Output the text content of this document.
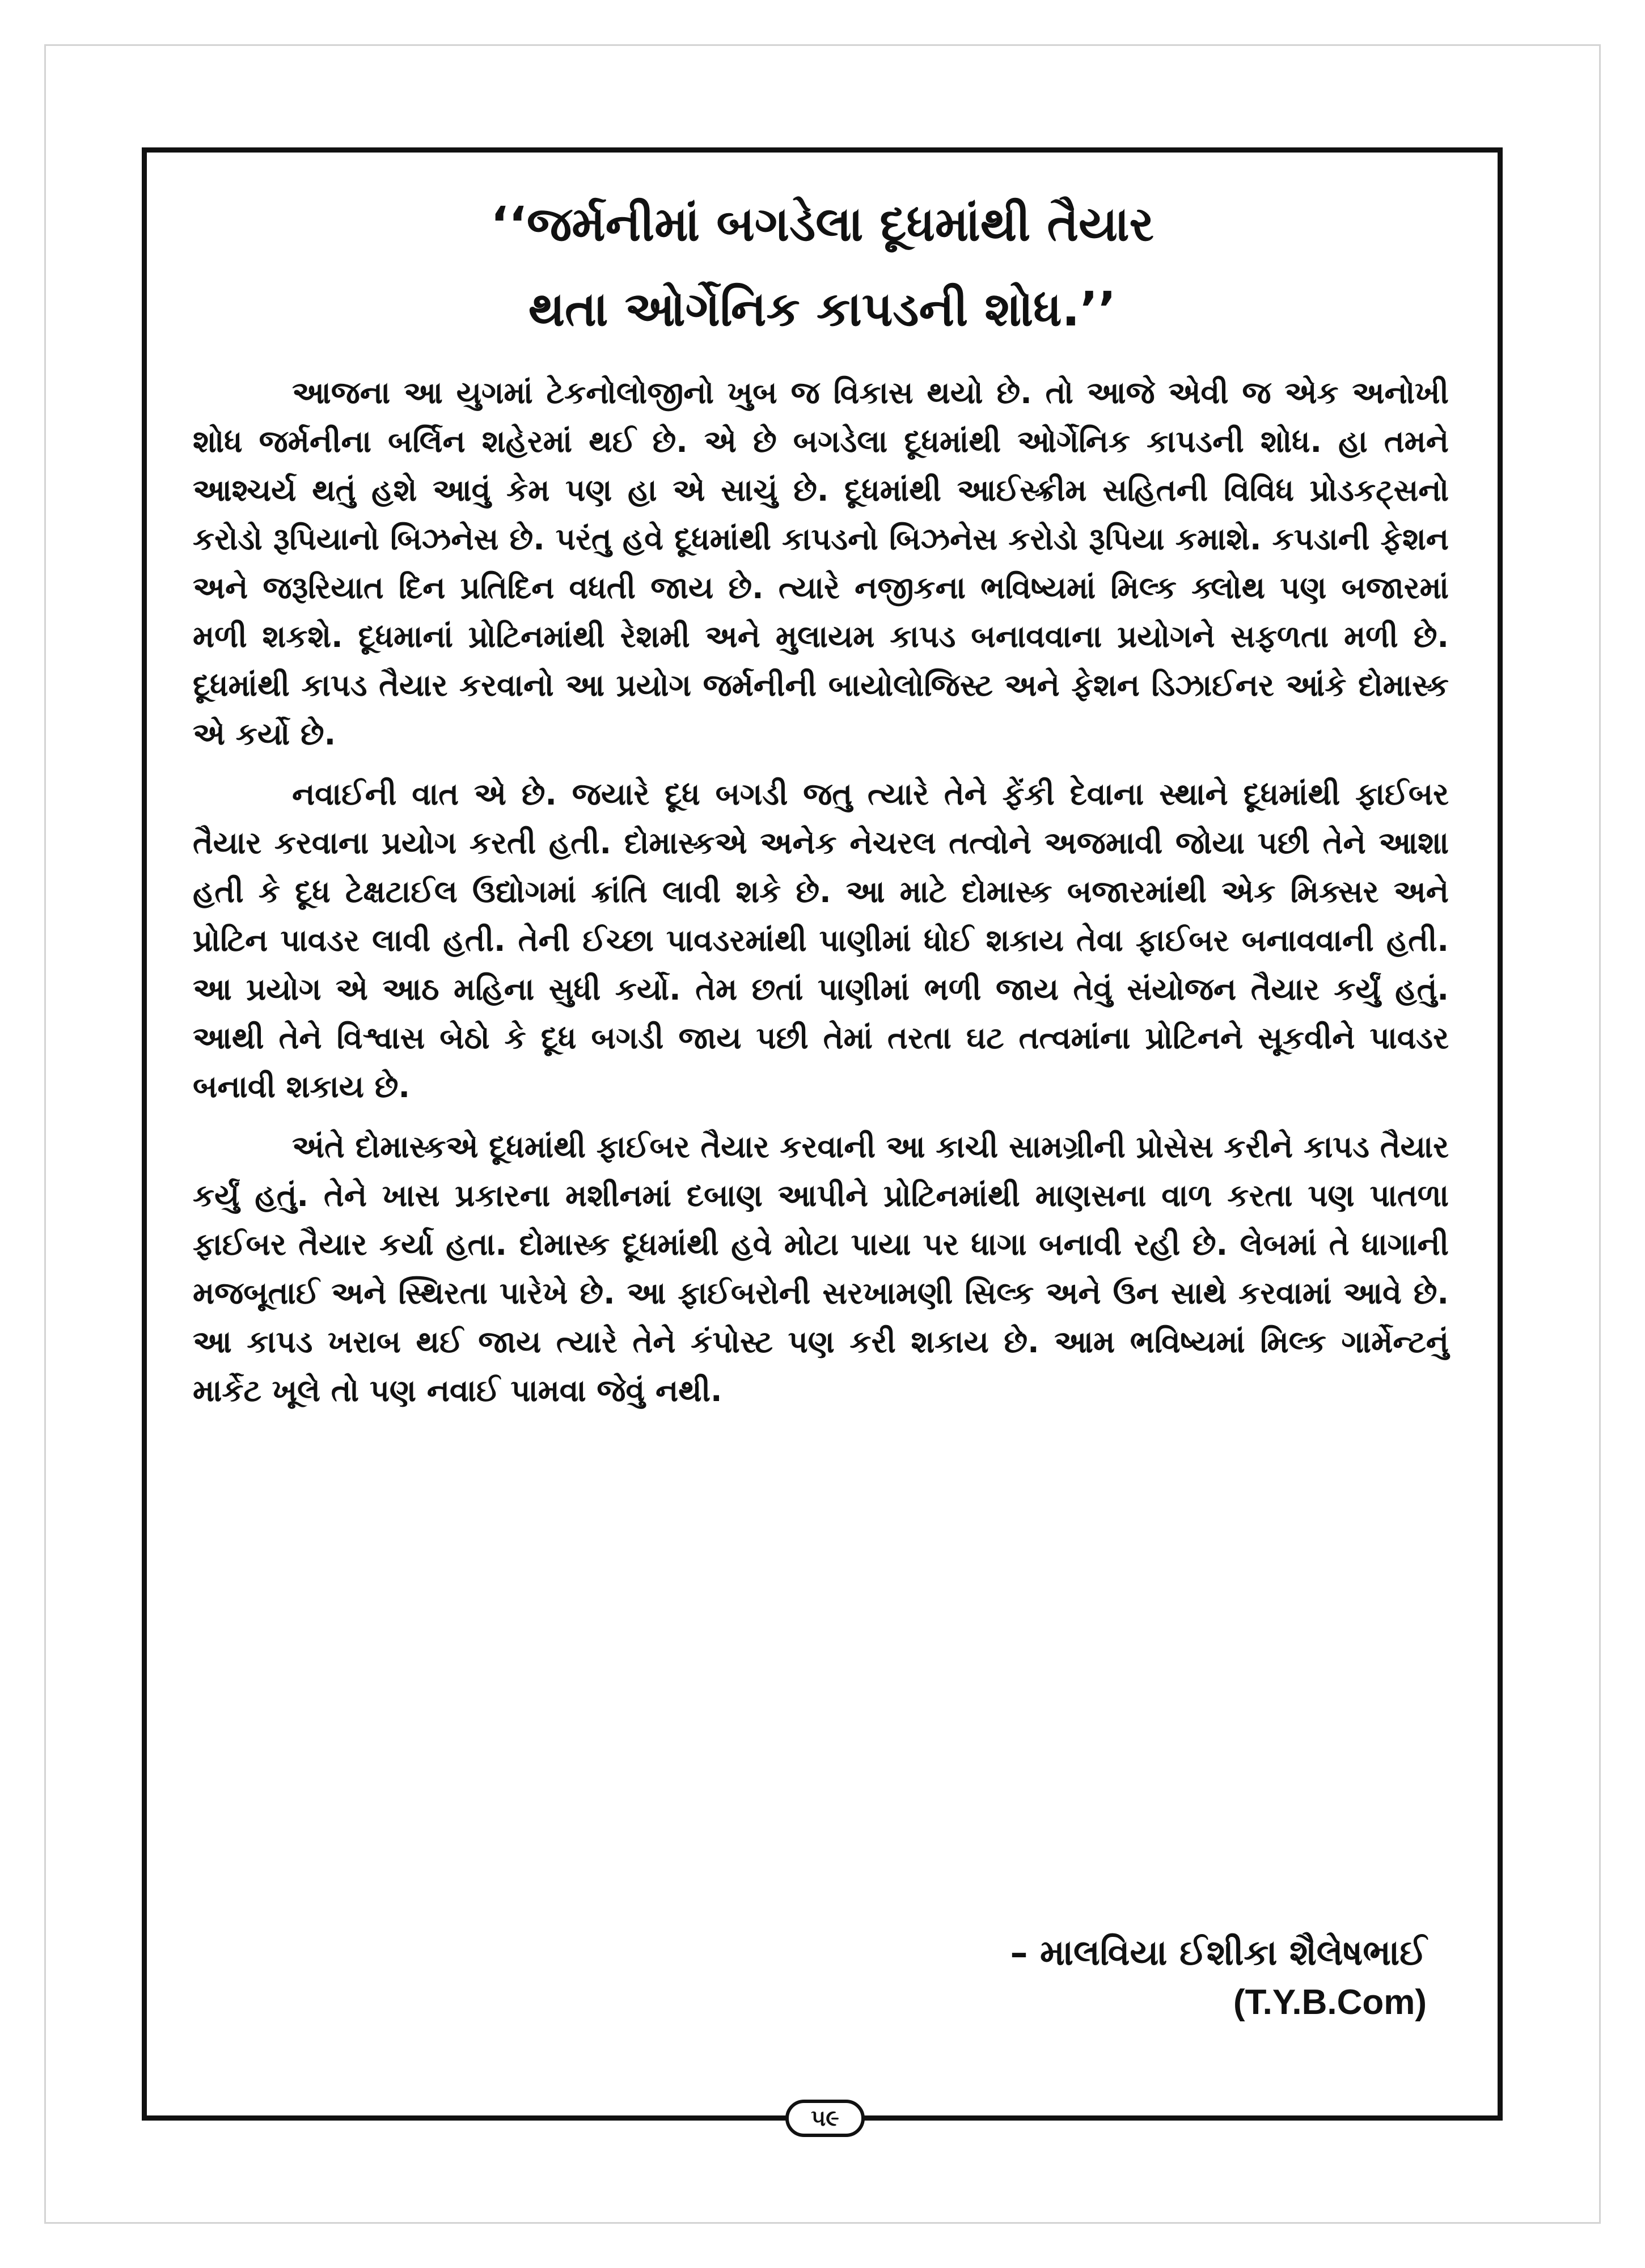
‘‘જર્મનીમાં બગડેલા દૂધમાંથી તૈયાર
થતા ઓર્ગેનિક કાપડની શોધ.’’

આજના આ યુગમાં ટેકનોલોજીનો ખુબ જ વિકાસ થયો છે. તો આજે એવી જ એક અનોખી શોધ જર્મનીના બર્લિન શહેરમાં થઈ છે. એ છે બગડેલા દૂધમાંથી ઓર્ગેનિક કાપડની શોધ. હા તમને આશ્ચર્ય થતું હશે આવું કેમ પણ હા એ સાચું છે. દૂધમાંથી આઈસ્ક્રીમ સહિતની વિવિધ પ્રોડકટ્સનો કરોડો રૂપિયાનો બિઝનેસ છે. પરંતુ હવે દૂધમાંથી કાપડનો બિઝનેસ કરોડો રૂપિયા કમાશે. કપડાની ફેશન અને જરૂરિયાત દિન પ્રતિદિન વધતી જાય છે. ત્યારે નજીકના ભવિષ્યમાં મિલ્ક ક્લોથ પણ બજારમાં મળી શકશે. દૂધમાનાં પ્રોટિનમાંથી રેશમી અને મુલાયમ કાપડ બનાવવાના પ્રયોગને સફળતા મળી છે. દૂધમાંથી કાપડ તૈયાર કરવાનો આ પ્રયોગ જર્મનીની બાયોલોજિસ્ટ અને ફેશન ડિઝાઈનર આંકે દોમાસ્ક એ કર્યો છે.

નવાઈની વાત એ છે. જયારે દૂધ બગડી જતુ ત્યારે તેને ફેંકી દેવાના સ્થાને દૂધમાંથી ફાઈબર તૈયાર કરવાના પ્રયોગ કરતી હતી. દોમાસ્કએ અનેક નેચરલ તત્વોને અજમાવી જોયા પછી તેને આશા હતી કે દૂધ ટેક્ષટાઈલ ઉદ્યોગમાં ક્રાંતિ લાવી શકે છે. આ માટે દોમાસ્ક બજારમાંથી એક મિક્સર અને પ્રોટિન પાવડર લાવી હતી. તેની ઈચ્છા પાવડરમાંથી પાણીમાં ધોઈ શકાય તેવા ફાઈબર બનાવવાની હતી. આ પ્રયોગ એ આઠ મહિના સુધી કર્યો. તેમ છતાં પાણીમાં ભળી જાય તેવું સંયોજન તૈયાર કર્યું હતું. આથી તેને વિશ્વાસ બેઠો કે દૂધ બગડી જાય પછી તેમાં તરતા ઘટ તત્વમાંના પ્રોટિનને સૂકવીને પાવડર બનાવી શકાય છે.

અંતે દોમાસ્કએ દૂધમાંથી ફાઈબર તૈયાર કરવાની આ કાચી સામગ્રીની પ્રોસેસ કરીને કાપડ તૈયાર કર્યું હતું. તેને ખાસ પ્રકારના મશીનમાં દબાણ આપીને પ્રોટિનમાંથી માણસના વાળ કરતા પણ પાતળા ફાઈબર તૈયાર કર્યા હતા. દોમાસ્ક દૂધમાંથી હવે મોટા પાયા પર ધાગા બનાવી રહી છે. લેબમાં તે ધાગાની મજબૂતાઈ અને સ્થિરતા પારેખે છે. આ ફાઈબરોની સરખામણી સિલ્ક અને ઉન સાથે કરવામાં આવે છે. આ કાપડ ખરાબ થઈ જાય ત્યારે તેને કંપોસ્ટ પણ કરી શકાય છે. આમ ભવિષ્યમાં મિલ્ક ગાર્મેન્ટનું માર્કેટ ખૂલે તો પણ નવાઈ પામવા જેવું નથી.

– માલવિયા ઈશીકા શૈલેષભાઈ
(T.Y.B.Com)
૫૯
